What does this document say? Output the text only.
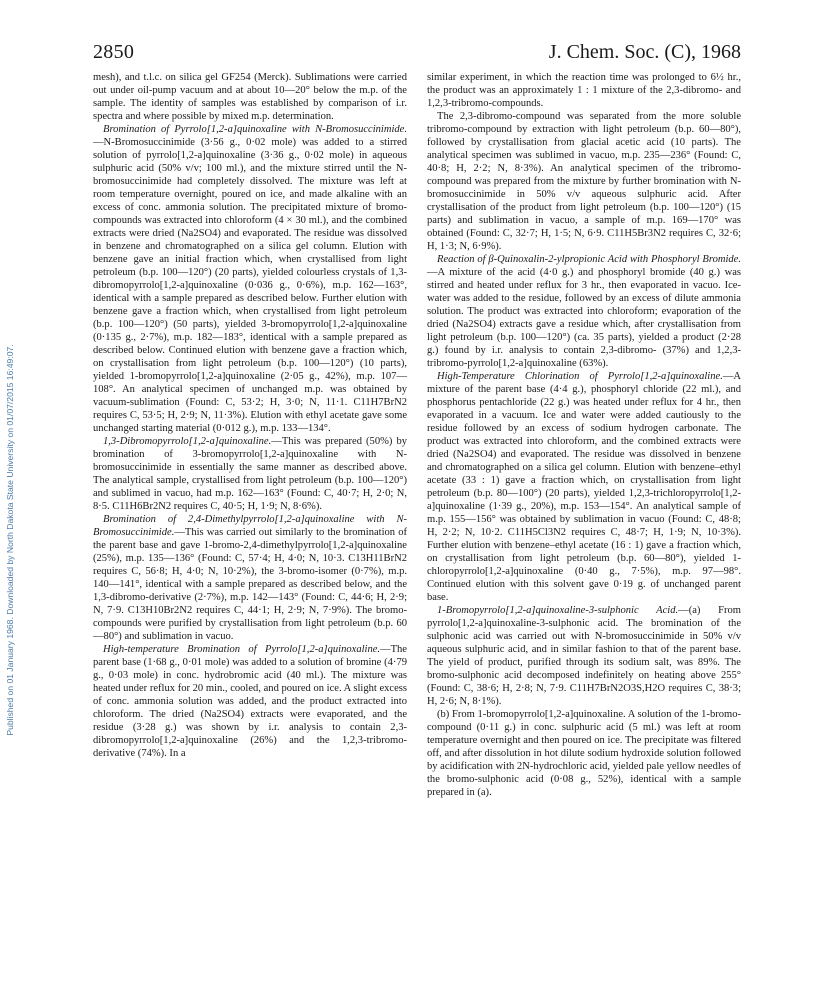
Published on 01 January 1968. Downloaded by North Dakota State University on 01/07/2015 16:49:07.
2850	J. Chem. Soc. (C), 1968

mesh), and t.l.c. on silica gel GF254 (Merck). Sublimations were carried out under oil-pump vacuum and at about 10—20° below the m.p. of the sample. The identity of samples was established by comparison of i.r. spectra and where possible by mixed m.p. determination.

Bromination of Pyrrolo[1,2-a]quinoxaline with N-Bromosuccinimide.—N-Bromosuccinimide (3·56 g., 0·02 mole) was added to a stirred solution of pyrrolo[1,2-a]quinoxaline (3·36 g., 0·02 mole) in aqueous sulphuric acid (50% v/v; 100 ml.), and the mixture stirred until the N-bromosuccinimide had completely dissolved. The mixture was left at room temperature overnight, poured on ice, and made alkaline with an excess of conc. ammonia solution. The precipitated mixture of bromo-compounds was extracted into chloroform (4 × 30 ml.), and the combined extracts were dried (Na2SO4) and evaporated. The residue was dissolved in benzene and chromatographed on a silica gel column. Elution with benzene gave an initial fraction which, when crystallised from light petroleum (b.p. 100—120°) (20 parts), yielded colourless crystals of 1,3-dibromopyrrolo[1,2-a]quinoxaline (0·036 g., 0·6%), m.p. 162—163°, identical with a sample prepared as described below. Further elution with benzene gave a fraction which, when crystallised from light petroleum (b.p. 100—120°) (50 parts), yielded 3-bromopyrrolo[1,2-a]quinoxaline (0·135 g., 2·7%), m.p. 182—183°, identical with a sample prepared as described below. Continued elution with benzene gave a fraction which, on crystallisation from light petroleum (b.p. 100—120°) (10 parts), yielded 1-bromopyrrolo[1,2-a]quinoxaline (2·05 g., 42%), m.p. 107—108°. An analytical specimen of unchanged m.p. was obtained by vacuum-sublimation (Found: C, 53·2; H, 3·0; N, 11·1. C11H7BrN2 requires C, 53·5; H, 2·9; N, 11·3%). Elution with ethyl acetate gave some unchanged starting material (0·012 g.), m.p. 133—134°.

1,3-Dibromopyrrolo[1,2-a]quinoxaline.—This was prepared (50%) by bromination of 3-bromopyrrolo[1,2-a]quinoxaline with N-bromosuccinimide in essentially the same manner as described above. The analytical sample, crystallised from light petroleum (b.p. 100—120°) and sublimed in vacuo, had m.p. 162—163° (Found: C, 40·7; H, 2·0; N, 8·5. C11H6Br2N2 requires C, 40·5; H, 1·9; N, 8·6%).

Bromination of 2,4-Dimethylpyrrolo[1,2-a]quinoxaline with N-Bromosuccinimide.—This was carried out similarly to the bromination of the parent base and gave 1-bromo-2,4-dimethylpyrrolo[1,2-a]quinoxaline (25%), m.p. 135—136° (Found: C, 57·4; H, 4·0; N, 10·3. C13H11BrN2 requires C, 56·8; H, 4·0; N, 10·2%), the 3-bromo-isomer (0·7%), m.p. 140—141°, identical with a sample prepared as described below, and the 1,3-dibromo-derivative (2·7%), m.p. 142—143° (Found: C, 44·6; H, 2·9; N, 7·9. C13H10Br2N2 requires C, 44·1; H, 2·9; N, 7·9%). The bromo-compounds were purified by crystallisation from light petroleum (b.p. 60—80°) and sublimation in vacuo.

High-temperature Bromination of Pyrrolo[1,2-a]quinoxaline.—The parent base (1·68 g., 0·01 mole) was added to a solution of bromine (4·79 g., 0·03 mole) in conc. hydrobromic acid (40 ml.). The mixture was heated under reflux for 20 min., cooled, and poured on ice. A slight excess of conc. ammonia solution was added, and the product extracted into chloroform. The dried (Na2SO4) extracts were evaporated, and the residue (3·28 g.) was shown by i.r. analysis to contain 2,3-dibromopyrrolo[1,2-a]quinoxaline (26%) and the 1,2,3-tribromo-derivative (74%). In a

similar experiment, in which the reaction time was prolonged to 6½ hr., the product was an approximately 1 : 1 mixture of the 2,3-dibromo- and 1,2,3-tribromo-compounds.

The 2,3-dibromo-compound was separated from the more soluble tribromo-compound by extraction with light petroleum (b.p. 60—80°), followed by crystallisation from glacial acetic acid (10 parts). The analytical specimen was sublimed in vacuo, m.p. 235—236° (Found: C, 40·8; H, 2·2; N, 8·3%). An analytical specimen of the tribromo-compound was prepared from the mixture by further bromination with N-bromosuccinimide in 50% v/v aqueous sulphuric acid. After crystallisation of the product from light petroleum (b.p. 100—120°) (15 parts) and sublimation in vacuo, a sample of m.p. 169—170° was obtained (Found: C, 32·7; H, 1·5; N, 6·9. C11H5Br3N2 requires C, 32·6; H, 1·3; N, 6·9%).

Reaction of β-Quinoxalin-2-ylpropionic Acid with Phosphoryl Bromide.—A mixture of the acid (4·0 g.) and phosphoryl bromide (40 g.) was stirred and heated under reflux for 3 hr., then evaporated in vacuo. Ice-water was added to the residue, followed by an excess of dilute ammonia solution. The product was extracted into chloroform; evaporation of the dried (Na2SO4) extracts gave a residue which, after crystallisation from light petroleum (b.p. 100—120°) (ca. 35 parts), yielded a product (2·28 g.) found by i.r. analysis to contain 2,3-dibromo- (37%) and 1,2,3-tribromo-pyrrolo[1,2-a]quinoxaline (63%).

High-Temperature Chlorination of Pyrrolo[1,2-a]quinoxaline.—A mixture of the parent base (4·4 g.), phosphoryl chloride (22 ml.), and phosphorus pentachloride (22 g.) was heated under reflux for 4 hr., then evaporated in a vacuum. Ice and water were added cautiously to the residue followed by an excess of sodium hydrogen carbonate. The product was extracted into chloroform, and the combined extracts were dried (Na2SO4) and evaporated. The residue was dissolved in benzene and chromatographed on a silica gel column. Elution with benzene–ethyl acetate (33 : 1) gave a fraction which, on crystallisation from light petroleum (b.p. 80—100°) (20 parts), yielded 1,2,3-trichloropyrrolo[1,2-a]quinoxaline (1·39 g., 20%), m.p. 153—154°. An analytical sample of m.p. 155—156° was obtained by sublimation in vacuo (Found: C, 48·8; H, 2·2; N, 10·2. C11H5Cl3N2 requires C, 48·7; H, 1·9; N, 10·3%). Further elution with benzene–ethyl acetate (16 : 1) gave a fraction which, on crystallisation from light petroleum (b.p. 60—80°), yielded 1-chloropyrrolo[1,2-a]quinoxaline (0·40 g., 7·5%), m.p. 97—98°. Continued elution with this solvent gave 0·19 g. of unchanged parent base.

1-Bromopyrrolo[1,2-a]quinoxaline-3-sulphonic Acid.—(a) From pyrrolo[1,2-a]quinoxaline-3-sulphonic acid. The bromination of the sulphonic acid was carried out with N-bromosuccinimide in 50% v/v aqueous sulphuric acid, and in similar fashion to that of the parent base. The yield of product, purified through its sodium salt, was 89%. The bromo-sulphonic acid decomposed indefinitely on heating above 255° (Found: C, 38·6; H, 2·8; N, 7·9. C11H7BrN2O3S,H2O requires C, 38·3; H, 2·6; N, 8·1%).

(b) From 1-bromopyrrolo[1,2-a]quinoxaline. A solution of the 1-bromo-compound (0·11 g.) in conc. sulphuric acid (5 ml.) was left at room temperature overnight and then poured on ice. The precipitate was filtered off, and after dissolution in hot dilute sodium hydroxide solution followed by acidification with 2N-hydrochloric acid, yielded pale yellow needles of the bromo-sulphonic acid (0·08 g., 52%), identical with a sample prepared in (a).
